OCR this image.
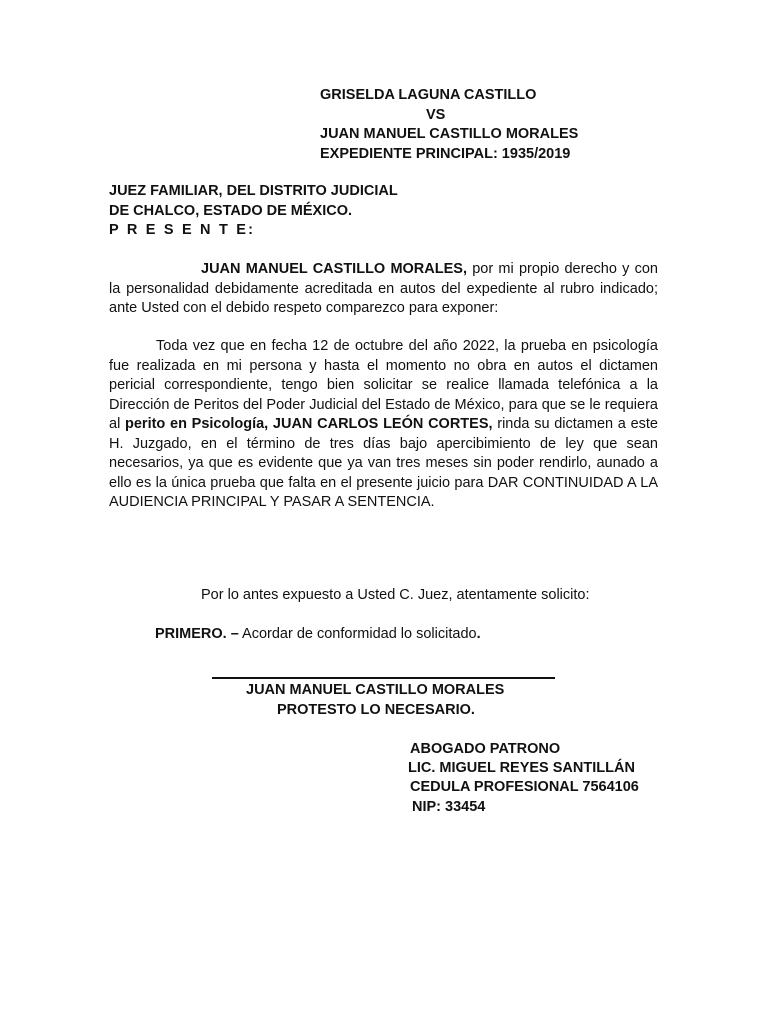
GRISELDA LAGUNA CASTILLO
VS
JUAN MANUEL CASTILLO MORALES
EXPEDIENTE PRINCIPAL: 1935/2019
JUEZ FAMILIAR, DEL DISTRITO JUDICIAL
DE CHALCO, ESTADO DE MÉXICO.
P R E S E N T E:
JUAN MANUEL CASTILLO MORALES, por mi propio derecho y con la personalidad debidamente acreditada en autos del expediente al rubro indicado; ante Usted con el debido respeto comparezco para exponer:
Toda vez que en fecha 12 de octubre del año 2022, la prueba en psicología fue realizada en mi persona y hasta el momento no obra en autos el dictamen pericial correspondiente, tengo bien solicitar se realice llamada telefónica a la Dirección de Peritos del Poder Judicial del Estado de México, para que se le requiera al perito en Psicología, JUAN CARLOS LEÓN CORTES, rinda su dictamen a este H. Juzgado, en el término de tres días bajo apercibimiento de ley que sean necesarios, ya que es evidente que ya van tres meses sin poder rendirlo, aunado a ello es la única prueba que falta en el presente juicio para DAR CONTINUIDAD A LA AUDIENCIA PRINCIPAL Y PASAR A SENTENCIA.
Por lo antes expuesto a Usted C. Juez, atentamente solicito:
PRIMERO. – Acordar de conformidad lo solicitado.
JUAN MANUEL CASTILLO MORALES
PROTESTO LO NECESARIO.
ABOGADO PATRONO
LIC. MIGUEL REYES SANTILLÁN
CEDULA PROFESIONAL 7564106
NIP: 33454
